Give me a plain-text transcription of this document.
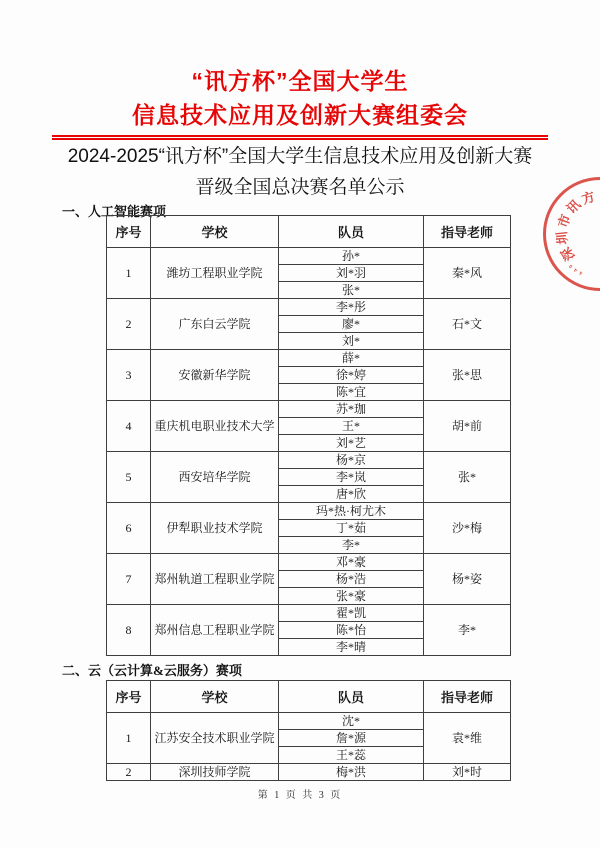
“讯方杯”全国大学生
信息技术应用及创新大赛组委会
2024-2025“讯方杯”全国大学生信息技术应用及创新大赛
晋级全国总决赛名单公示
一、人工智能赛项
序号	学校	队员	指导老师
1	潍坊工程职业学院	孙*	秦*风
		刘*羽	
		张*	
2	广东白云学院	李*彤	石*文
		廖*	
		刘*	
3	安徽新华学院	薛*	张*思
		徐*婷	
		陈*宜	
4	重庆机电职业技术大学	苏*珈	胡*前
		王*	
		刘*艺	
5	西安培华学院	杨*京	张*
		李*岚	
		唐*欣	
6	伊犁职业技术学院	玛*热·柯尤木	沙*梅
		丁*茹	
		李*	
7	郑州轨道工程职业学院	邓*豪	杨*姿
		杨*浩	
		张*豪	
8	郑州信息工程职业学院	翟*凯	李*
		陈*怡	
		李*晴	
二、云（云计算&云服务）赛项
序号	学校	队员	指导老师
1	江苏安全技术职业学院	沈*	袁*维
		詹*源	
		王*蕊	
2	深圳技师学院	梅*洪	刘*时
第 1 页 共 3 页
深
圳
市
讯
方
4
4
0
